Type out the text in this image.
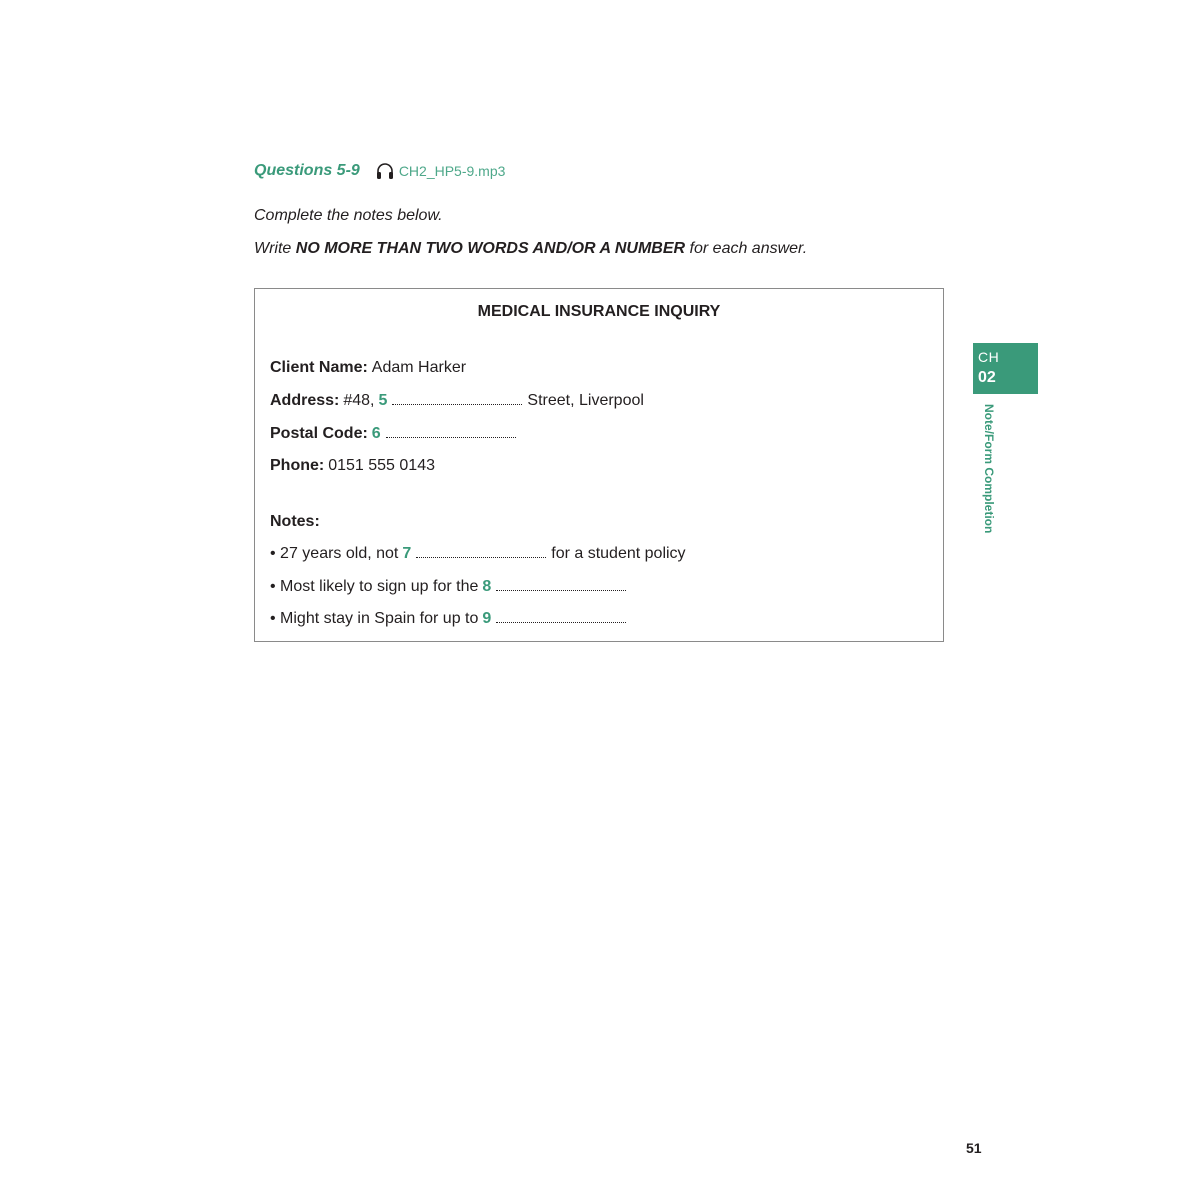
Questions 5-9	CH2_HP5-9.mp3
Complete the notes below.
Write NO MORE THAN TWO WORDS AND/OR A NUMBER for each answer.
MEDICAL INSURANCE INQUIRY
Client Name: Adam Harker
Address: #48, 5	Street, Liverpool
Postal Code: 6
Phone: 0151 555 0143
Notes:
• 27 years old, not 7	for a student policy
• Most likely to sign up for the 8
• Might stay in Spain for up to 9
CH
02
Note/Form Completion
51
